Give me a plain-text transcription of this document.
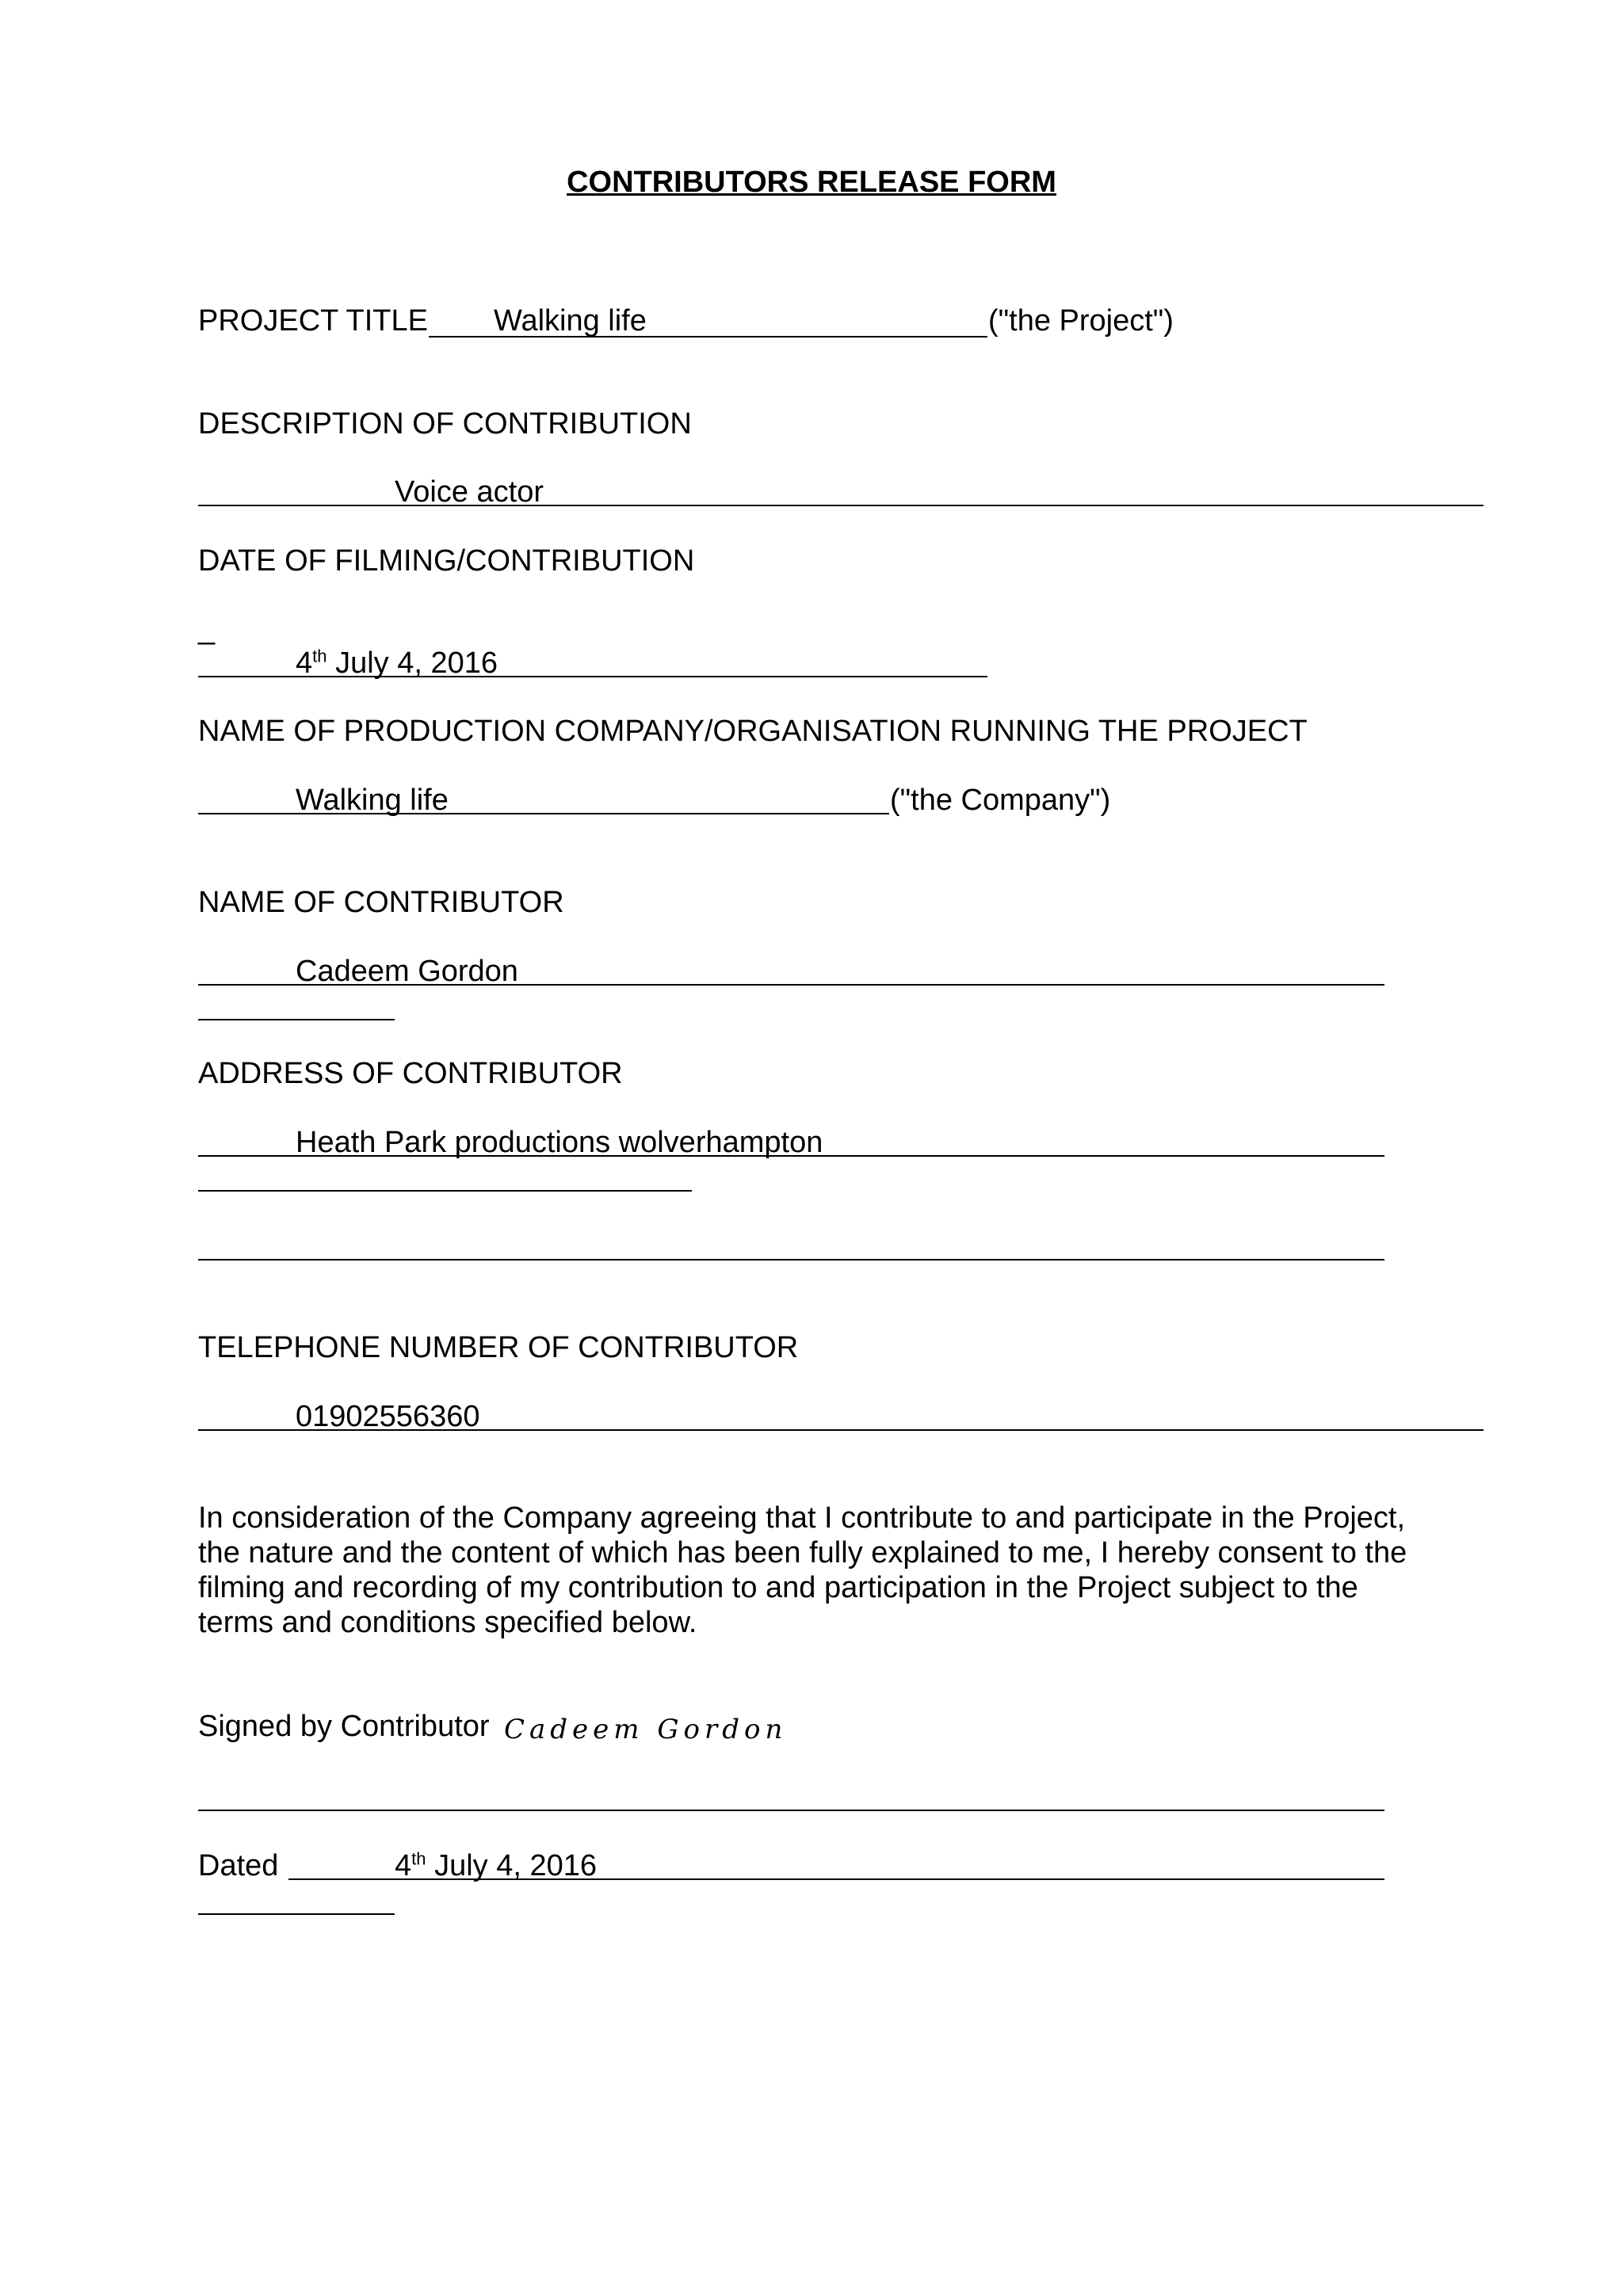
CONTRIBUTORS RELEASE FORM
PROJECT TITLE Walking life	("the Project")
DESCRIPTION OF CONTRIBUTION
Voice actor
DATE OF FILMING/CONTRIBUTION
_
4th July 4, 2016
NAME OF PRODUCTION COMPANY/ORGANISATION RUNNING THE PROJECT
Walking life	("the Company")
NAME OF CONTRIBUTOR
Cadeem Gordon
ADDRESS OF CONTRIBUTOR
Heath Park productions wolverhampton
TELEPHONE NUMBER OF CONTRIBUTOR
01902556360
In consideration of the Company agreeing that I contribute to and participate in the Project,
the nature and the content of which has been fully explained to me, I hereby consent to the
filming and recording of my contribution to and participation in the Project subject to the
terms and conditions specified below.
Signed by Contributor Cadeem Gordon
Dated	4th July 4, 2016
